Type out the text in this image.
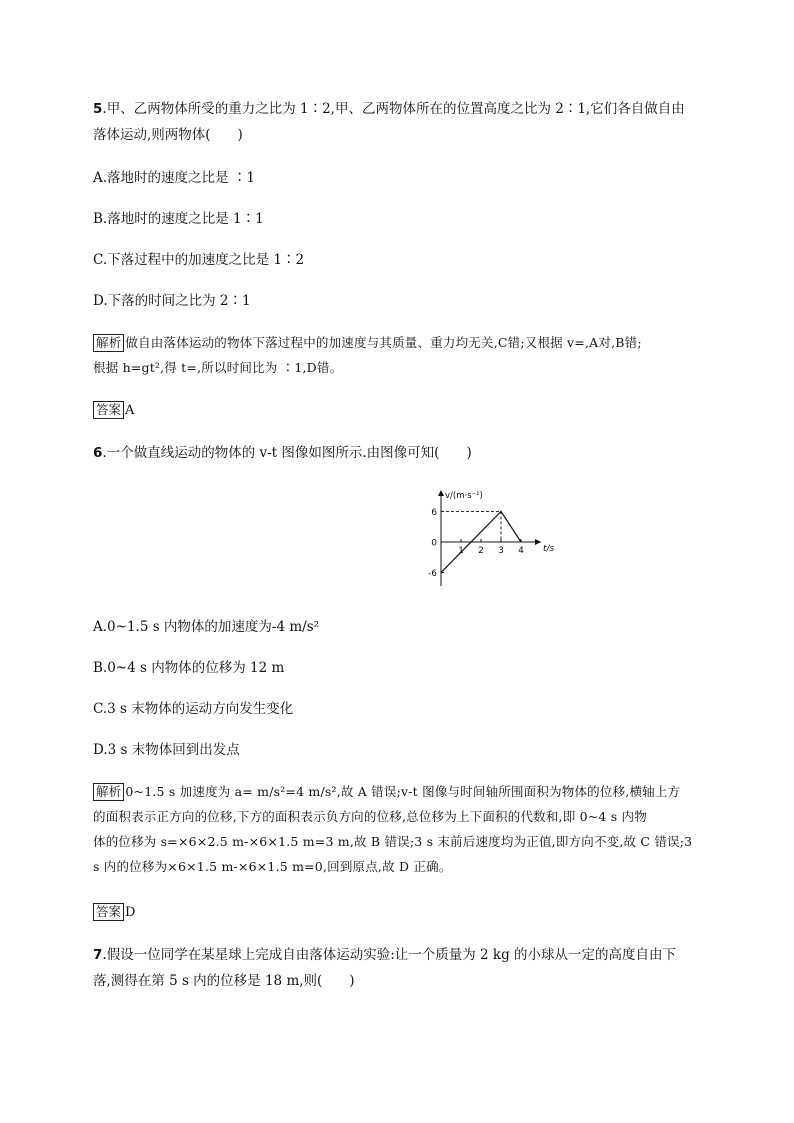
5.甲、乙两物体所受的重力之比为 1∶2,甲、乙两物体所在的位置高度之比为 2∶1,它们各自做自由
落体运动,则两物体(　　)
A.落地时的速度之比是 ∶1
B.落地时的速度之比是 1∶1
C.下落过程中的加速度之比是 1∶2
D.下落的时间之比为 2∶1
解析 做自由落体运动的物体下落过程中的加速度与其质量、重力均无关,C错;又根据 v=,A对,B错;
根据 h=gt²,得 t=,所以时间比为 ∶1,D错。
答案 A
6.一个做直线运动的物体的 v-t 图像如图所示.由图像可知(　　)
v/(m·s⁻¹)
t/s
6
0
-6
1 2 3 4
A.0~1.5 s 内物体的加速度为-4 m/s²
B.0~4 s 内物体的位移为 12 m
C.3 s 末物体的运动方向发生变化
D.3 s 末物体回到出发点
解析 0~1.5 s 加速度为 a= m/s²=4 m/s²,故 A 错误;v-t 图像与时间轴所围面积为物体的位移,横轴上方
的面积表示正方向的位移,下方的面积表示负方向的位移,总位移为上下面积的代数和,即 0~4 s 内物
体的位移为 s=×6×2.5 m-×6×1.5 m=3 m,故 B 错误;3 s 末前后速度均为正值,即方向不变,故 C 错误;3
s 内的位移为×6×1.5 m-×6×1.5 m=0,回到原点,故 D 正确。
答案 D
7.假设一位同学在某星球上完成自由落体运动实验:让一个质量为 2 kg 的小球从一定的高度自由下
落,测得在第 5 s 内的位移是 18 m,则(　　)
